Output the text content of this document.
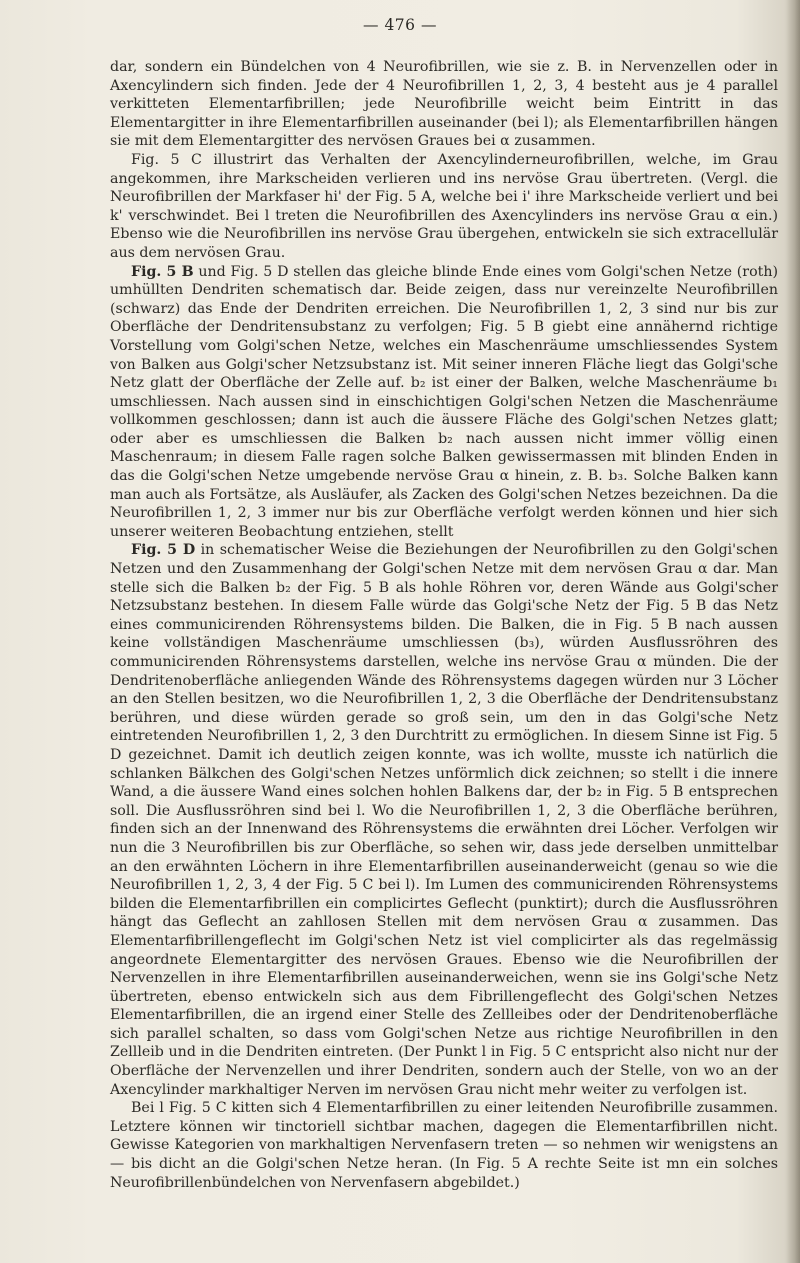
— 476 —

dar, sondern ein Bündelchen von 4 Neurofibrillen, wie sie z. B. in Nervenzellen oder in Axencylindern sich finden. Jede der 4 Neurofibrillen 1, 2, 3, 4 besteht aus je 4 parallel verkitteten Elementarfibrillen; jede Neurofibrille weicht beim Eintritt in das Elementargitter in ihre Elementarfibrillen auseinander (bei l); als Elementarfibrillen hängen sie mit dem Elementargitter des nervösen Graues bei α zusammen.

Fig. 5 C illustrirt das Verhalten der Axencylinderneurofibrillen, welche, im Grau angekommen, ihre Markscheiden verlieren und ins nervöse Grau übertreten. (Vergl. die Neurofibrillen der Markfaser hi' der Fig. 5 A, welche bei i' ihre Markscheide verliert und bei k' verschwindet. Bei l treten die Neurofibrillen des Axencylinders ins nervöse Grau α ein.) Ebenso wie die Neurofibrillen ins nervöse Grau übergehen, entwickeln sie sich extracellulär aus dem nervösen Grau.

Fig. 5 B und Fig. 5 D stellen das gleiche blinde Ende eines vom Golgi'schen Netze (roth) umhüllten Dendriten schematisch dar. Beide zeigen, dass nur vereinzelte Neurofibrillen (schwarz) das Ende der Dendriten erreichen. Die Neurofibrillen 1, 2, 3 sind nur bis zur Oberfläche der Dendritensubstanz zu verfolgen; Fig. 5 B giebt eine annähernd richtige Vorstellung vom Golgi'schen Netze, welches ein Maschenräume umschliessendes System von Balken aus Golgi'scher Netzsubstanz ist. Mit seiner inneren Fläche liegt das Golgi'sche Netz glatt der Oberfläche der Zelle auf. b₂ ist einer der Balken, welche Maschenräume b₁ umschliessen. Nach aussen sind in einschichtigen Golgi'schen Netzen die Maschenräume vollkommen geschlossen; dann ist auch die äussere Fläche des Golgi'schen Netzes glatt; oder aber es umschliessen die Balken b₂ nach aussen nicht immer völlig einen Maschenraum; in diesem Falle ragen solche Balken gewissermassen mit blinden Enden in das die Golgi'schen Netze umgebende nervöse Grau α hinein, z. B. b₃. Solche Balken kann man auch als Fortsätze, als Ausläufer, als Zacken des Golgi'schen Netzes bezeichnen. Da die Neurofibrillen 1, 2, 3 immer nur bis zur Oberfläche verfolgt werden können und hier sich unserer weiteren Beobachtung entziehen, stellt

Fig. 5 D in schematischer Weise die Beziehungen der Neurofibrillen zu den Golgi'schen Netzen und den Zusammenhang der Golgi'schen Netze mit dem nervösen Grau α dar. Man stelle sich die Balken b₂ der Fig. 5 B als hohle Röhren vor, deren Wände aus Golgi'scher Netzsubstanz bestehen. In diesem Falle würde das Golgi'sche Netz der Fig. 5 B das Netz eines communicirenden Röhrensystems bilden. Die Balken, die in Fig. 5 B nach aussen keine vollständigen Maschenräume umschliessen (b₃), würden Ausflussröhren des communicirenden Röhrensystems darstellen, welche ins nervöse Grau α münden. Die der Dendritenoberfläche anliegenden Wände des Röhrensystems dagegen würden nur 3 Löcher an den Stellen besitzen, wo die Neurofibrillen 1, 2, 3 die Oberfläche der Dendritensubstanz berühren, und diese würden gerade so groß sein, um den in das Golgi'sche Netz eintretenden Neurofibrillen 1, 2, 3 den Durchtritt zu ermöglichen. In diesem Sinne ist Fig. 5 D gezeichnet. Damit ich deutlich zeigen konnte, was ich wollte, musste ich natürlich die schlanken Bälkchen des Golgi'schen Netzes unförmlich dick zeichnen; so stellt i die innere Wand, a die äussere Wand eines solchen hohlen Balkens dar, der b₂ in Fig. 5 B entsprechen soll. Die Ausflussröhren sind bei l. Wo die Neurofibrillen 1, 2, 3 die Oberfläche berühren, finden sich an der Innenwand des Röhrensystems die erwähnten drei Löcher. Verfolgen wir nun die 3 Neurofibrillen bis zur Oberfläche, so sehen wir, dass jede derselben unmittelbar an den erwähnten Löchern in ihre Elementarfibrillen auseinanderweicht (genau so wie die Neurofibrillen 1, 2, 3, 4 der Fig. 5 C bei l). Im Lumen des communicirenden Röhrensystems bilden die Elementarfibrillen ein complicirtes Geflecht (punktirt); durch die Ausflussröhren hängt das Geflecht an zahllosen Stellen mit dem nervösen Grau α zusammen. Das Elementarfibrillengeflecht im Golgi'schen Netz ist viel complicirter als das regelmässig angeordnete Elementargitter des nervösen Graues. Ebenso wie die Neurofibrillen der Nervenzellen in ihre Elementarfibrillen auseinanderweichen, wenn sie ins Golgi'sche Netz übertreten, ebenso entwickeln sich aus dem Fibrillengeflecht des Golgi'schen Netzes Elementarfibrillen, die an irgend einer Stelle des Zellleibes oder der Dendritenoberfläche sich parallel schalten, so dass vom Golgi'schen Netze aus richtige Neurofibrillen in den Zellleib und in die Dendriten eintreten. (Der Punkt l in Fig. 5 C entspricht also nicht nur der Oberfläche der Nervenzellen und ihrer Dendriten, sondern auch der Stelle, von wo an der Axencylinder markhaltiger Nerven im nervösen Grau nicht mehr weiter zu verfolgen ist.

Bei l Fig. 5 C kitten sich 4 Elementarfibrillen zu einer leitenden Neurofibrille zusammen. Letztere können wir tinctoriell sichtbar machen, dagegen die Elementarfibrillen nicht. Gewisse Kategorien von markhaltigen Nervenfasern treten — so nehmen wir wenigstens an — bis dicht an die Golgi'schen Netze heran. (In Fig. 5 A rechte Seite ist mn ein solches Neurofibrillenbündelchen von Nervenfasern abgebildet.)
